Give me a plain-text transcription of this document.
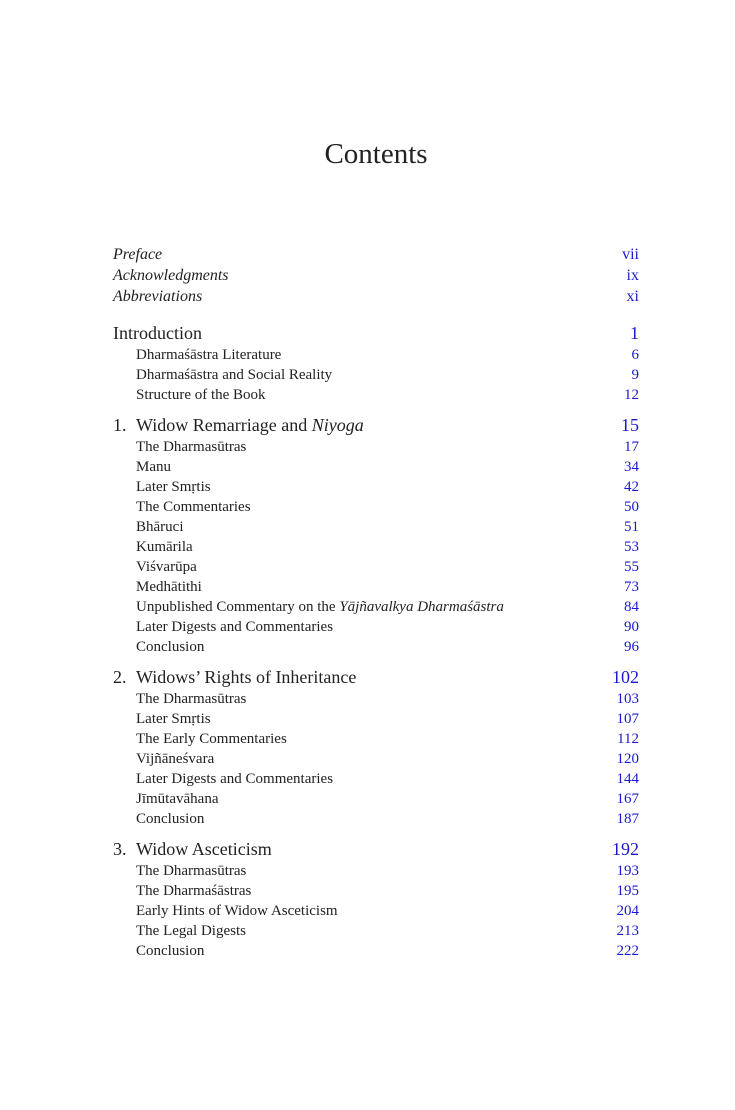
Contents
Preface	vii
Acknowledgments	ix
Abbreviations	xi
Introduction	1
Dharmaśāstra Literature	6
Dharmaśāstra and Social Reality	9
Structure of the Book	12
1. Widow Remarriage and Niyoga	15
The Dharmasūtras	17
Manu	34
Later Smṛtis	42
The Commentaries	50
Bhāruci	51
Kumārila	53
Viśvarūpa	55
Medhātithi	73
Unpublished Commentary on the Yājñavalkya Dharmaśāstra	84
Later Digests and Commentaries	90
Conclusion	96
2. Widows’ Rights of Inheritance	102
The Dharmasūtras	103
Later Smṛtis	107
The Early Commentaries	112
Vijñāneśvara	120
Later Digests and Commentaries	144
Jīmūtavāhana	167
Conclusion	187
3. Widow Asceticism	192
The Dharmasūtras	193
The Dharmaśāstras	195
Early Hints of Widow Asceticism	204
The Legal Digests	213
Conclusion	222
